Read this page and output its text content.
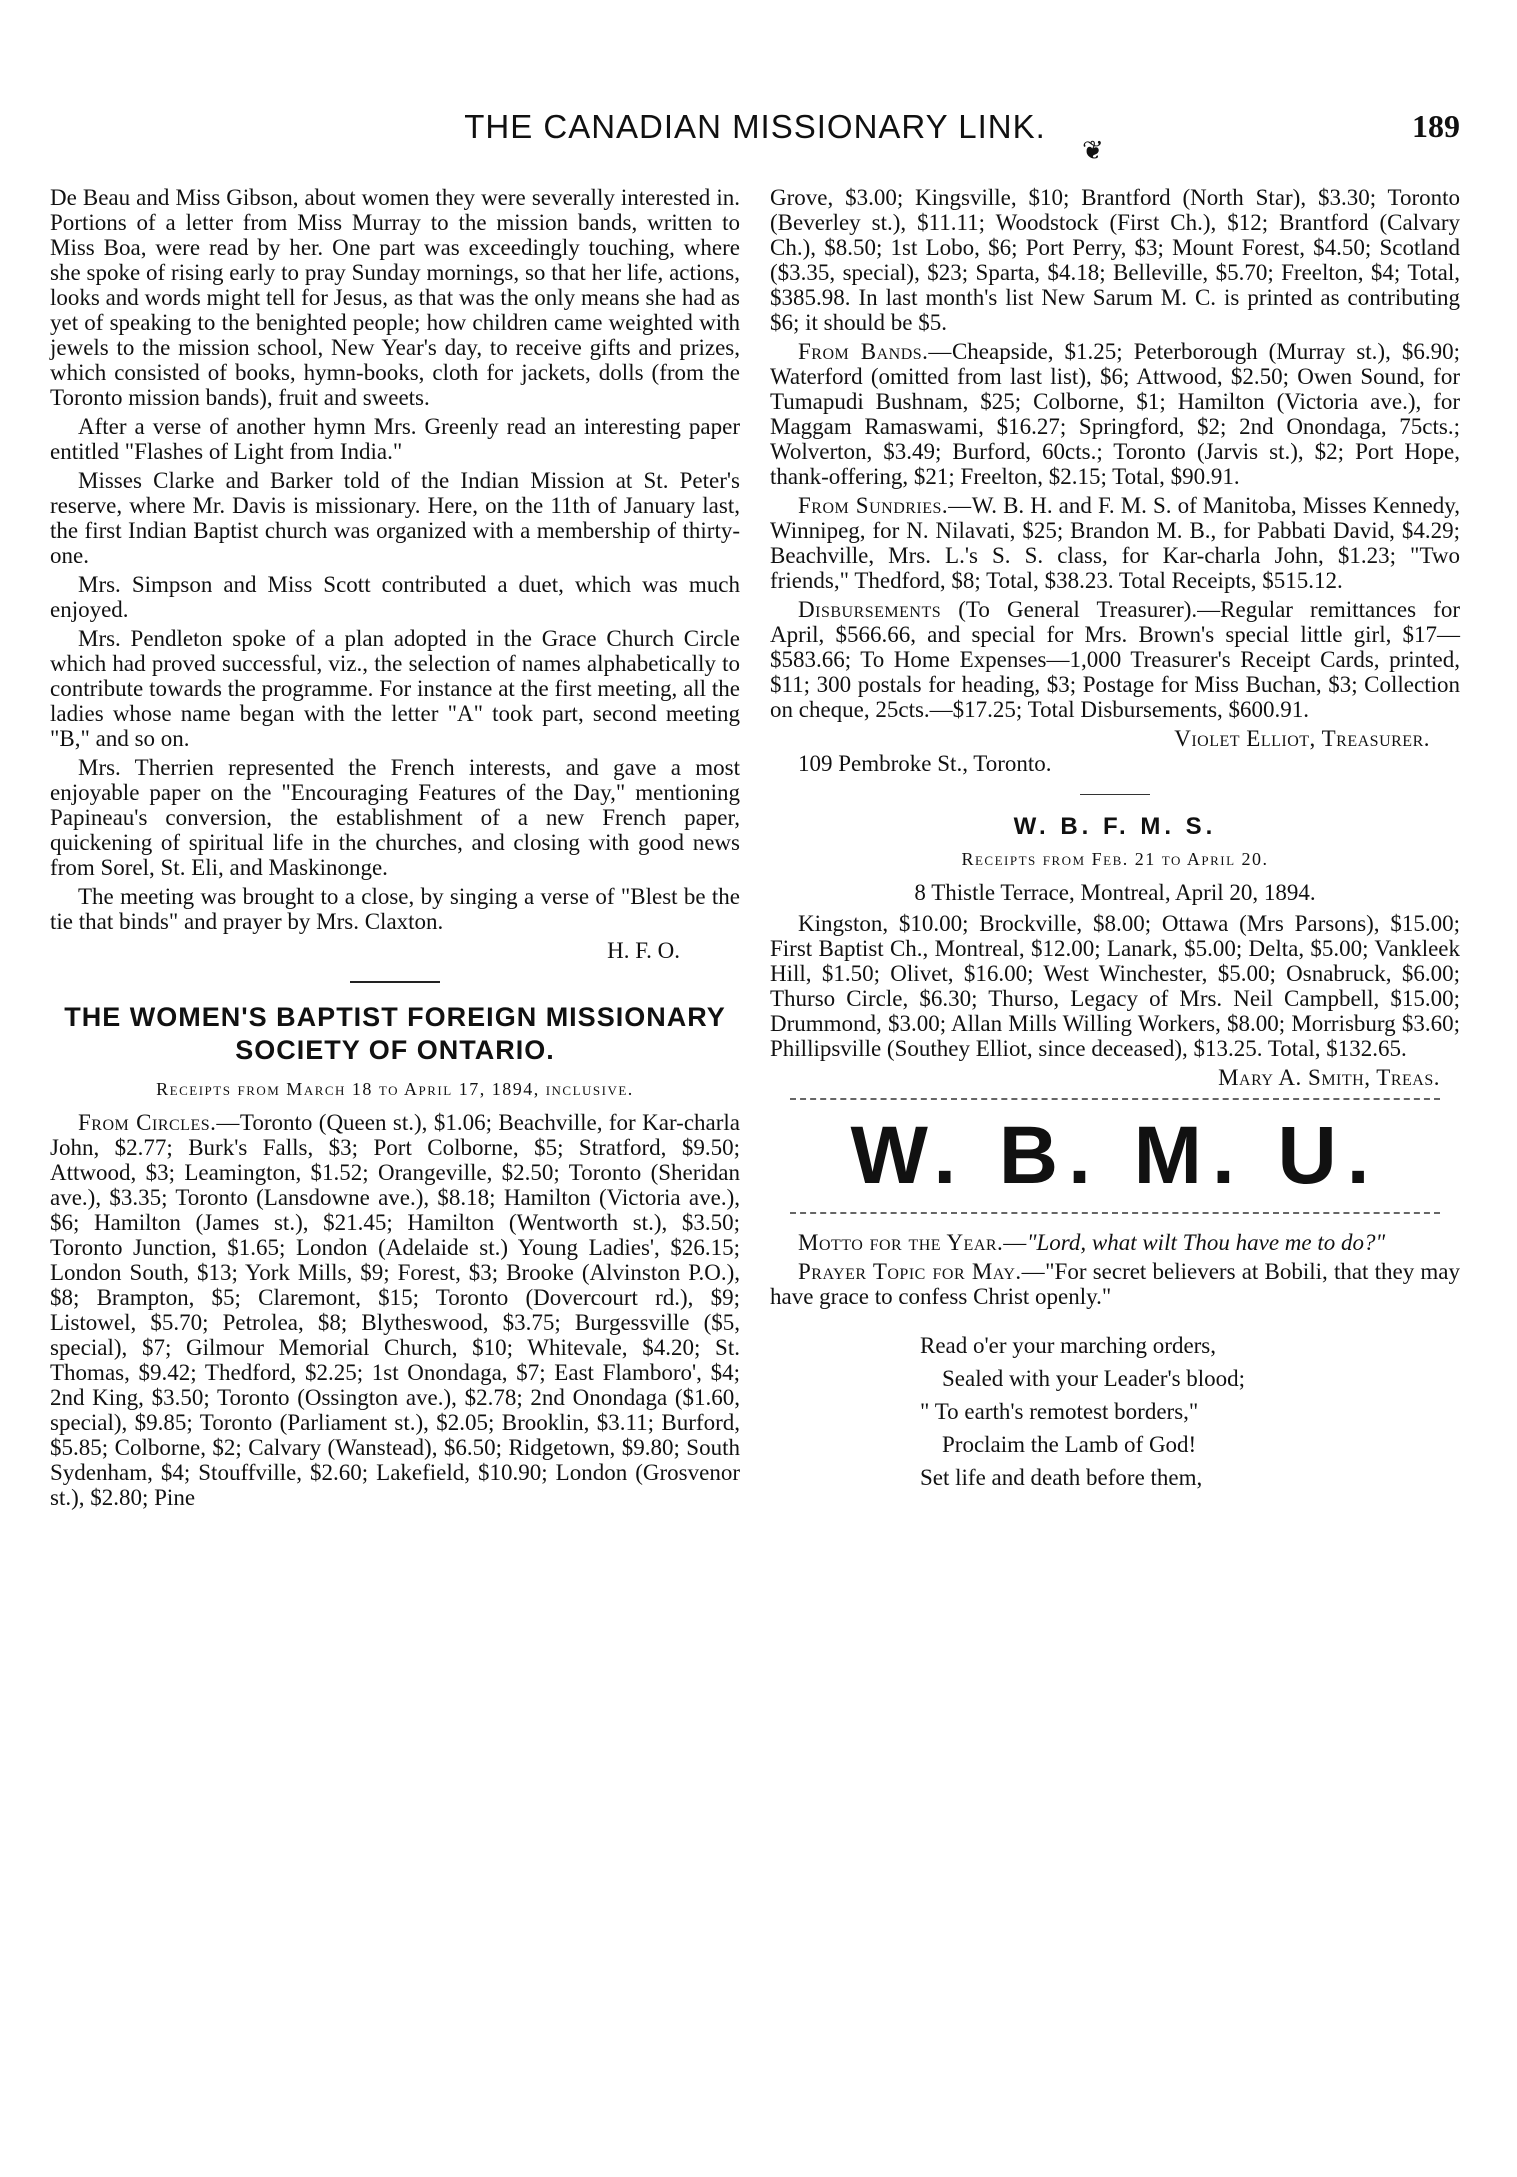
THE CANADIAN MISSIONARY LINK.
❦
189

De Beau and Miss Gibson, about women they were severally interested in. Portions of a letter from Miss Murray to the mission bands, written to Miss Boa, were read by her. One part was exceedingly touching, where she spoke of rising early to pray Sunday mornings, so that her life, actions, looks and words might tell for Jesus, as that was the only means she had as yet of speaking to the benighted people; how children came weighted with jewels to the mission school, New Year's day, to receive gifts and prizes, which consisted of books, hymn-books, cloth for jackets, dolls (from the Toronto mission bands), fruit and sweets.

After a verse of another hymn Mrs. Greenly read an interesting paper entitled "Flashes of Light from India."

Misses Clarke and Barker told of the Indian Mission at St. Peter's reserve, where Mr. Davis is missionary. Here, on the 11th of January last, the first Indian Baptist church was organized with a membership of thirty-one.

Mrs. Simpson and Miss Scott contributed a duet, which was much enjoyed.

Mrs. Pendleton spoke of a plan adopted in the Grace Church Circle which had proved successful, viz., the selection of names alphabetically to contribute towards the programme. For instance at the first meeting, all the ladies whose name began with the letter "A" took part, second meeting "B," and so on.

Mrs. Therrien represented the French interests, and gave a most enjoyable paper on the "Encouraging Features of the Day," mentioning Papineau's conversion, the establishment of a new French paper, quickening of spiritual life in the churches, and closing with good news from Sorel, St. Eli, and Maskinonge.

The meeting was brought to a close, by singing a verse of "Blest be the tie that binds" and prayer by Mrs. Claxton.

H. F. O.
THE WOMEN'S BAPTIST FOREIGN MISSIONARY
SOCIETY OF ONTARIO.
Receipts from March 18 to April 17, 1894, inclusive.

From Circles.—Toronto (Queen st.), $1.06; Beachville, for Kar-charla John, $2.77; Burk's Falls, $3; Port Colborne, $5; Stratford, $9.50; Attwood, $3; Leamington, $1.52; Orangeville, $2.50; Toronto (Sheridan ave.), $3.35; Toronto (Lansdowne ave.), $8.18; Hamilton (Victoria ave.), $6; Hamilton (James st.), $21.45; Hamilton (Wentworth st.), $3.50; Toronto Junction, $1.65; London (Adelaide st.) Young Ladies', $26.15; London South, $13; York Mills, $9; Forest, $3; Brooke (Alvinston P.O.), $8; Brampton, $5; Claremont, $15; Toronto (Dovercourt rd.), $9; Listowel, $5.70; Petrolea, $8; Blytheswood, $3.75; Burgessville ($5, special), $7; Gilmour Memorial Church, $10; Whitevale, $4.20; St. Thomas, $9.42; Thedford, $2.25; 1st Onondaga, $7; East Flamboro', $4; 2nd King, $3.50; Toronto (Ossington ave.), $2.78; 2nd Onondaga ($1.60, special), $9.85; Toronto (Parliament st.), $2.05; Brooklin, $3.11; Burford, $5.85; Colborne, $2; Calvary (Wanstead), $6.50; Ridgetown, $9.80; South Sydenham, $4; Stouffville, $2.60; Lakefield, $10.90; London (Grosvenor st.), $2.80; Pine

Grove, $3.00; Kingsville, $10; Brantford (North Star), $3.30; Toronto (Beverley st.), $11.11; Woodstock (First Ch.), $12; Brantford (Calvary Ch.), $8.50; 1st Lobo, $6; Port Perry, $3; Mount Forest, $4.50; Scotland ($3.35, special), $23; Sparta, $4.18; Belleville, $5.70; Freelton, $4; Total, $385.98. In last month's list New Sarum M. C. is printed as contributing $6; it should be $5.

From Bands.—Cheapside, $1.25; Peterborough (Murray st.), $6.90; Waterford (omitted from last list), $6; Attwood, $2.50; Owen Sound, for Tumapudi Bushnam, $25; Colborne, $1; Hamilton (Victoria ave.), for Maggam Ramaswami, $16.27; Springford, $2; 2nd Onondaga, 75cts.; Wolverton, $3.49; Burford, 60cts.; Toronto (Jarvis st.), $2; Port Hope, thank-offering, $21; Freelton, $2.15; Total, $90.91.

From Sundries.—W. B. H. and F. M. S. of Manitoba, Misses Kennedy, Winnipeg, for N. Nilavati, $25; Brandon M. B., for Pabbati David, $4.29; Beachville, Mrs. L.'s S. S. class, for Kar-charla John, $1.23; "Two friends," Thedford, $8; Total, $38.23. Total Receipts, $515.12.

Disbursements (To General Treasurer).—Regular remittances for April, $566.66, and special for Mrs. Brown's special little girl, $17—$583.66; To Home Expenses—1,000 Treasurer's Receipt Cards, printed, $11; 300 postals for heading, $3; Postage for Miss Buchan, $3; Collection on cheque, 25cts.—$17.25; Total Disbursements, $600.91.

Violet Elliot, Treasurer.
109 Pembroke St., Toronto.
W. B. F. M. S.
Receipts from Feb. 21 to April 20.
8 Thistle Terrace, Montreal, April 20, 1894.

Kingston, $10.00; Brockville, $8.00; Ottawa (Mrs Parsons), $15.00; First Baptist Ch., Montreal, $12.00; Lanark, $5.00; Delta, $5.00; Vankleek Hill, $1.50; Olivet, $16.00; West Winchester, $5.00; Osnabruck, $6.00; Thurso Circle, $6.30; Thurso, Legacy of Mrs. Neil Campbell, $15.00; Drummond, $3.00; Allan Mills Willing Workers, $8.00; Morrisburg $3.60; Phillipsville (Southey Elliot, since deceased), $13.25. Total, $132.65.

Mary A. Smith, Treas.
W. B. M. U.

Motto for the Year.—"Lord, what wilt Thou have me to do?"

Prayer Topic for May.—"For secret believers at Bobili, that they may have grace to confess Christ openly."

Read o'er your marching orders,
Sealed with your Leader's blood;
" To earth's remotest borders,"
Proclaim the Lamb of God!
Set life and death before them,
